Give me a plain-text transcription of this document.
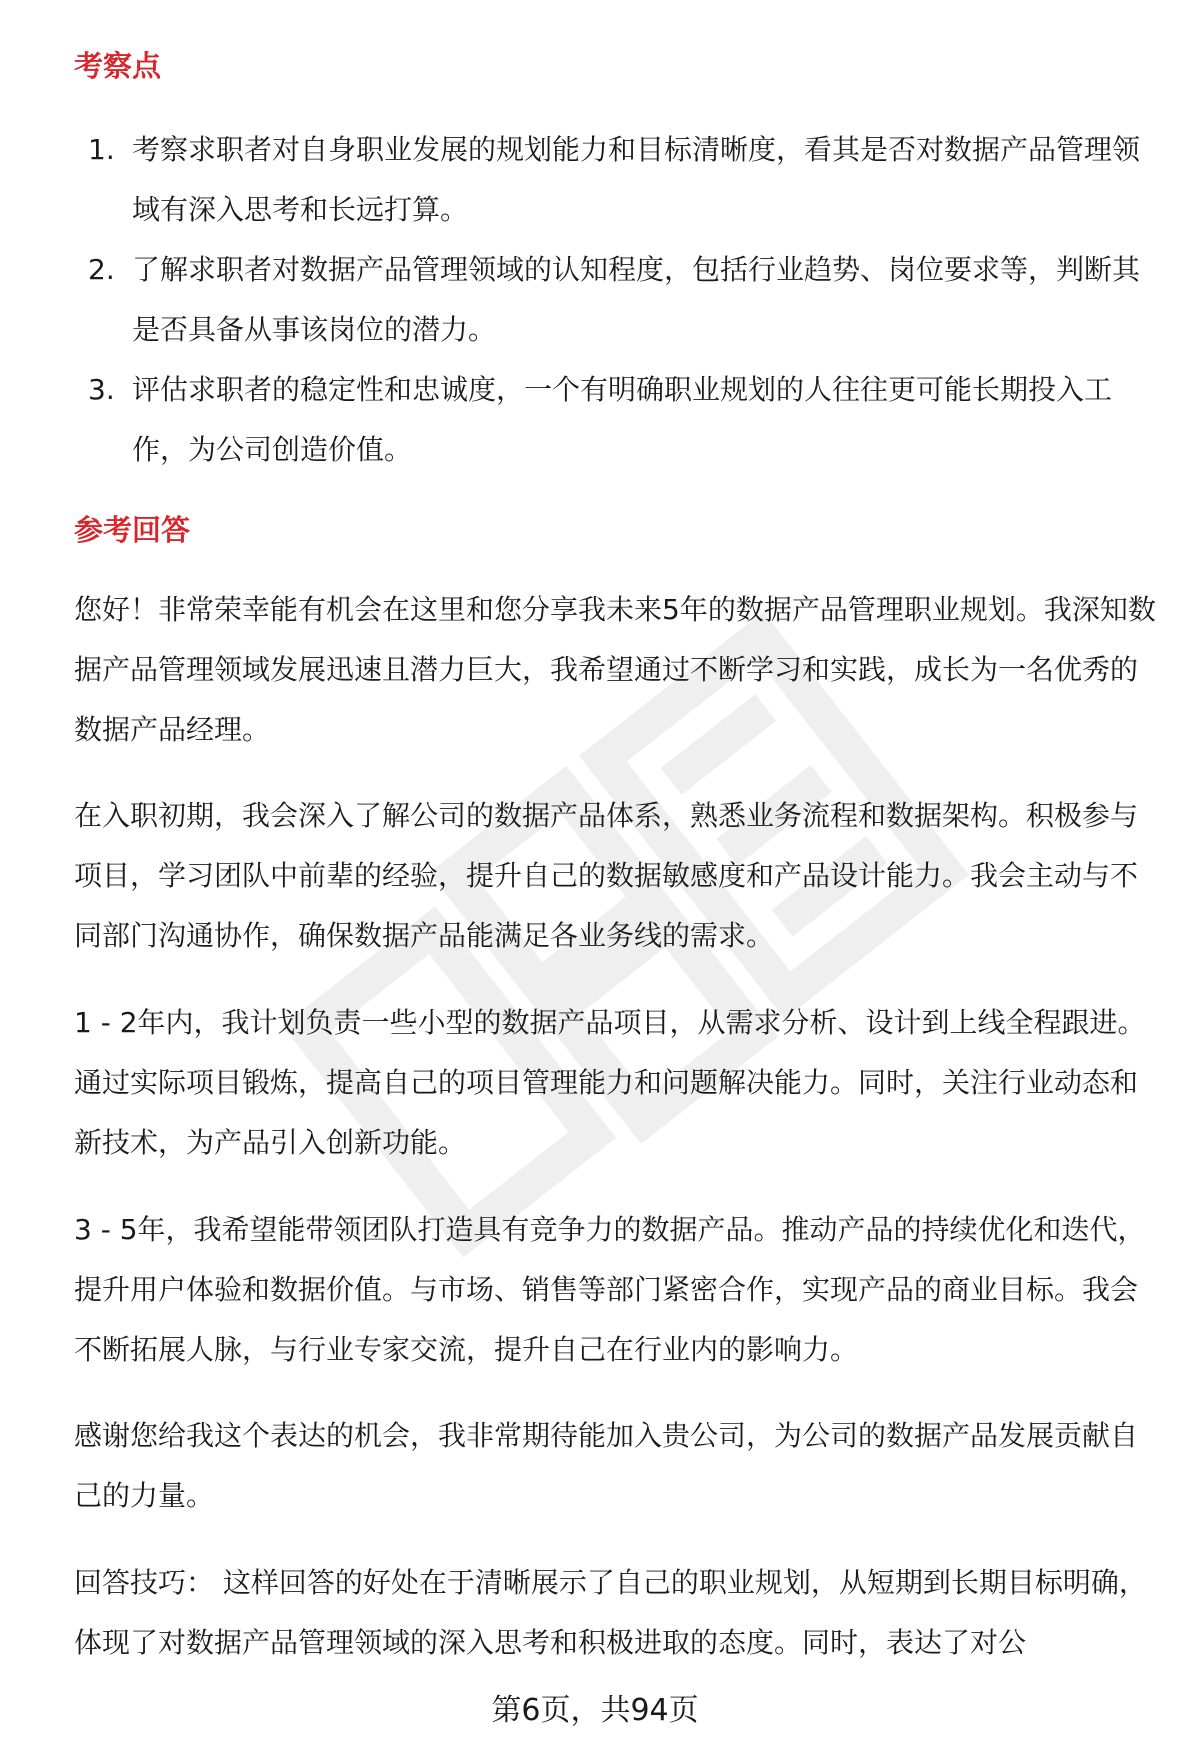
考察点
1. 考察求职者对自身职业发展的规划能力和目标清晰度，看其是否对数据产品管理领域有深入思考和长远打算。
2. 了解求职者对数据产品管理领域的认知程度，包括行业趋势、岗位要求等，判断其是否具备从事该岗位的潜力。
3. 评估求职者的稳定性和忠诚度，一个有明确职业规划的人往往更可能长期投入工作，为公司创造价值。
参考回答

您好！非常荣幸能有机会在这里和您分享我未来5年的数据产品管理职业规划。我深知数据产品管理领域发展迅速且潜力巨大，我希望通过不断学习和实践，成长为一名优秀的数据产品经理。

在入职初期，我会深入了解公司的数据产品体系，熟悉业务流程和数据架构。积极参与项目，学习团队中前辈的经验，提升自己的数据敏感度和产品设计能力。我会主动与不同部门沟通协作，确保数据产品能满足各业务线的需求。

1 - 2年内，我计划负责一些小型的数据产品项目，从需求分析、设计到上线全程跟进。通过实际项目锻炼，提高自己的项目管理能力和问题解决能力。同时，关注行业动态和新技术，为产品引入创新功能。

3 - 5年，我希望能带领团队打造具有竞争力的数据产品。推动产品的持续优化和迭代，提升用户体验和数据价值。与市场、销售等部门紧密合作，实现产品的商业目标。我会不断拓展人脉，与行业专家交流，提升自己在行业内的影响力。

感谢您给我这个表达的机会，我非常期待能加入贵公司，为公司的数据产品发展贡献自己的力量。

回答技巧： 这样回答的好处在于清晰展示了自己的职业规划，从短期到长期目标明确，体现了对数据产品管理领域的深入思考和积极进取的态度。同时，表达了对公

第6页，共94页
